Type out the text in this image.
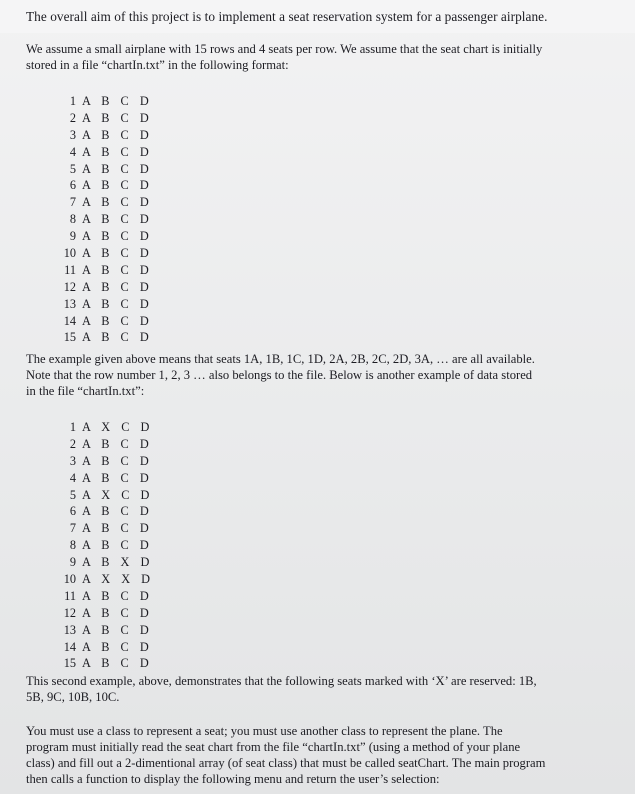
The overall aim of this project is to implement a seat reservation system for a passenger airplane.
We assume a small airplane with 15 rows and 4 seats per row. We assume that the seat chart is initially
stored in a file “chartIn.txt” in the following format:
1 A B C D
2 A B C D
3 A B C D
4 A B C D
5 A B C D
6 A B C D
7 A B C D
8 A B C D
9 A B C D
10 A B C D
11 A B C D
12 A B C D
13 A B C D
14 A B C D
15 A B C D
The example given above means that seats 1A, 1B, 1C, 1D, 2A, 2B, 2C, 2D, 3A, … are all available.
Note that the row number 1, 2, 3 … also belongs to the file. Below is another example of data stored
in the file “chartIn.txt”:
1 A X C D
2 A B C D
3 A B C D
4 A B C D
5 A X C D
6 A B C D
7 A B C D
8 A B C D
9 A B X D
10 A X X D
11 A B C D
12 A B C D
13 A B C D
14 A B C D
15 A B C D
This second example, above, demonstrates that the following seats marked with ‘X’ are reserved: 1B,
5B, 9C, 10B, 10C.
You must use a class to represent a seat; you must use another class to represent the plane. The
program must initially read the seat chart from the file “chartIn.txt” (using a method of your plane
class) and fill out a 2-dimentional array (of seat class) that must be called seatChart. The main program
then calls a function to display the following menu and return the user’s selection:
